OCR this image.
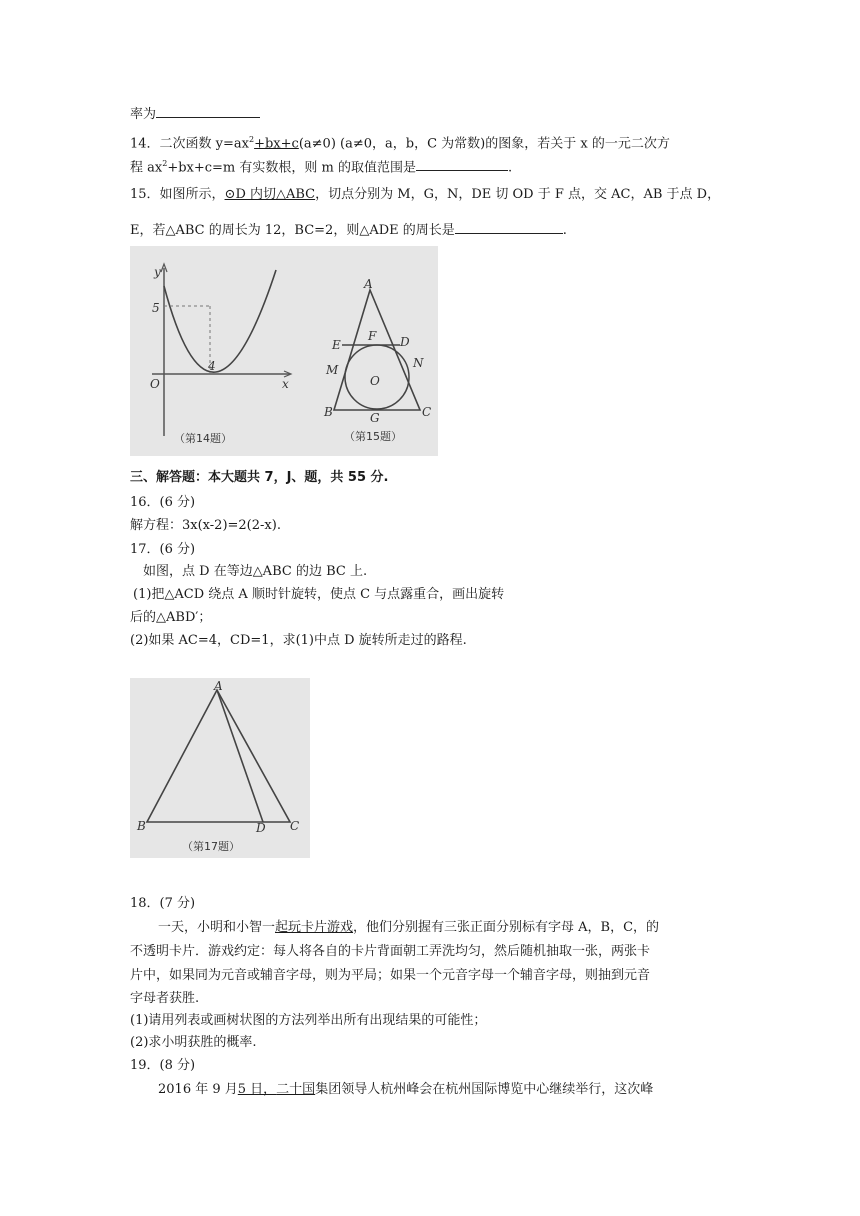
率为
14．二次函数 $y=ax^2+bx+c(a\ne 0)$ (a≠0，a，b，C 为常数)的图象，若关于 x 的一元二次方
程 $ax^2+bx+c=m$ 有实数根，则 m 的取值范围是	.
15．如图所示，⊙D 内切△ABC，切点分别为 M，G，N，DE 切 OD 于 F 点，交 AC，AB 于点 D，
E，若△ABC 的周长为 12，BC=2，则△ADE 的周长是	.
y
x
O
4
5
（第14题）
A
F
E	D
M	N
O
B	G	C
（第15题）
三、解答题：本大题共 7，J、题，共 55 分.
16．(6 分)
解方程：3x(x-2)=2(2-x).
17．(6 分)
如图，点 D 在等边△ABC 的边 BC 上.
(1)把△ACD 绕点 A 顺时针旋转，使点 C 与点露重合，画出旋转
后的△ABD′；
(2)如果 AC=4，CD=1，求(1)中点 D 旋转所走过的路程.
A
B	D C
（第17题）
18．(7 分)
一天，小明和小智一起玩卡片游戏，他们分别握有三张正面分别标有字母 A，B，C，的
不透明卡片．游戏约定：每人将各自的卡片背面朝工弄洗均匀，然后随机抽取一张，两张卡
片中，如果同为元音或辅音字母，则为平局；如果一个元音字母一个辅音字母，则抽到元音
字母者获胜.
(1)请用列表或画树状图的方法列举出所有出现结果的可能性；
(2)求小明获胜的概率.
19．(8 分)
2016 年 9 月5 日，二十国集团领导人杭州峰会在杭州国际博览中心继续举行，这次峰
